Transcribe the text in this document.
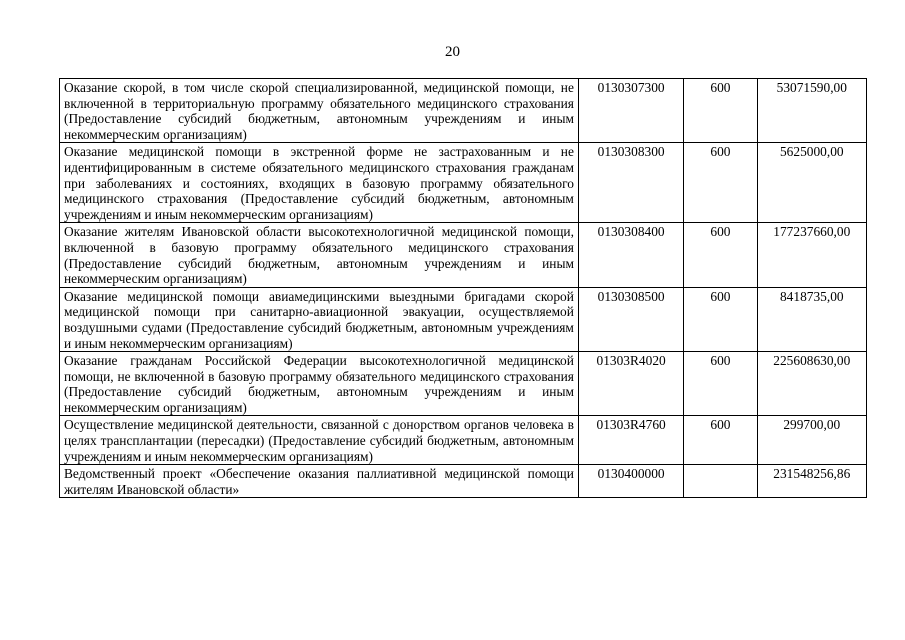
20
Оказание скорой, в том числе скорой специализированной, медицинской помощи, не включенной в территориальную программу обязательного медицинского страхования (Предоставление субсидий бюджетным, автономным учреждениям и иным некоммерческим организациям)	0130307300	600	53071590,00
Оказание медицинской помощи в экстренной форме не застрахованным и не идентифицированным в системе обязательного медицинского страхования гражданам при заболеваниях и состояниях, входящих в базовую программу обязательного медицинского страхования (Предоставление субсидий бюджетным, автономным учреждениям и иным некоммерческим организациям)	0130308300	600	5625000,00
Оказание жителям Ивановской области высокотехнологичной медицинской помощи, включенной в базовую программу обязательного медицинского страхования (Предоставление субсидий бюджетным, автономным учреждениям и иным некоммерческим организациям)	0130308400	600	177237660,00
Оказание медицинской помощи авиамедицинскими выездными бригадами скорой медицинской помощи при санитарно-авиационной эвакуации, осуществляемой воздушными судами (Предоставление субсидий бюджетным, автономным учреждениям и иным некоммерческим организациям)	0130308500	600	8418735,00
Оказание гражданам Российской Федерации высокотехнологичной медицинской помощи, не включенной в базовую программу обязательного медицинского страхования (Предоставление субсидий бюджетным, автономным учреждениям и иным некоммерческим организациям)	01303R4020	600	225608630,00
Осуществление медицинской деятельности, связанной с донорством органов человека в целях трансплантации (пересадки) (Предоставление субсидий бюджетным, автономным учреждениям и иным некоммерческим организациям)	01303R4760	600	299700,00
Ведомственный проект «Обеспечение оказания паллиативной медицинской помощи жителям Ивановской области»	0130400000		231548256,86
